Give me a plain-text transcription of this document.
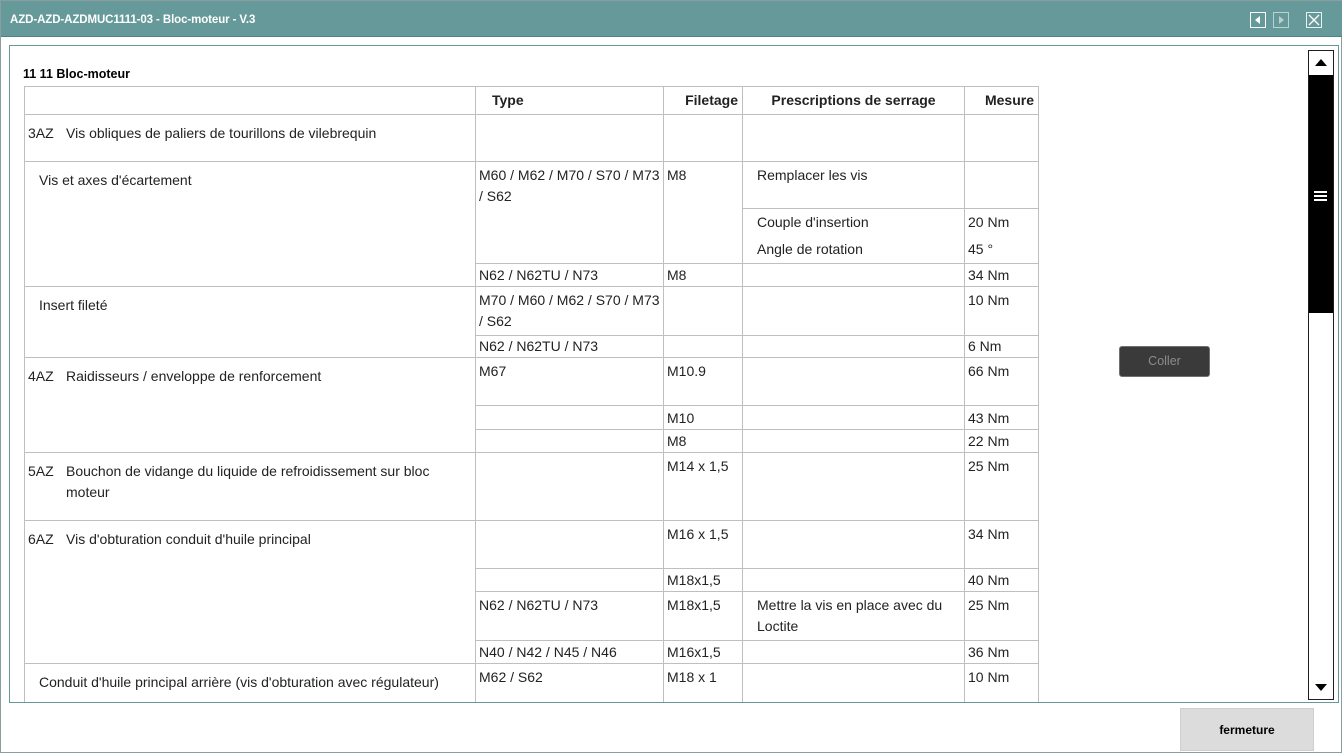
AZD-AZD-AZDMUC1111-03 - Bloc-moteur - V.3
11 11 Bloc-moteur
	Type	Filetage	Prescriptions de serrage	Mesure

3AZ Vis obliques de paliers de tourillons de vilebrequin				

Vis et axes d'écartement	M60 / M62 / M70 / S70 / M73 / S62	M8	Remplacer les vis	
			Couple d'insertion	20 Nm
			Angle de rotation	45 °
	N62 / N62TU / N73	M8		34 Nm

Insert fileté	M70 / M60 / M62 / S70 / M73 / S62			10 Nm
	N62 / N62TU / N73			6 Nm

4AZ Raidisseurs / enveloppe de renforcement	M67	M10.9		66 Nm
		M10		43 Nm
		M8		22 Nm

5AZ Bouchon de vidange du liquide de refroidissement sur bloc moteur		M14 x 1,5		25 Nm

6AZ Vis d'obturation conduit d'huile principal		M16 x 1,5		34 Nm
		M18x1,5		40 Nm
	N62 / N62TU / N73	M18x1,5	Mettre la vis en place avec du Loctite	25 Nm
	N40 / N42 / N45 / N46	M16x1,5		36 Nm

Conduit d'huile principal arrière (vis d'obturation avec régulateur)	M62 / S62	M18 x 1		10 Nm
Coller
fermeture
